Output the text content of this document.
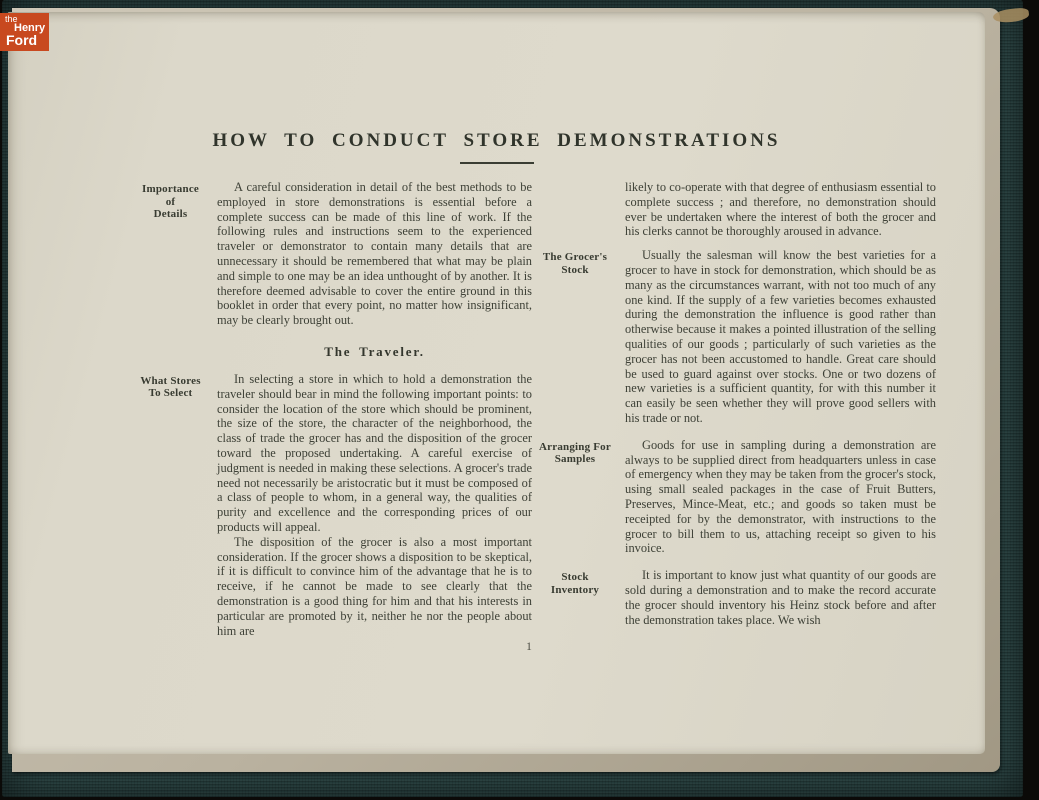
HOW TO CONDUCT STORE DEMONSTRATIONS
Importance
of
Details
A careful consideration in detail of the best methods to be employed in store demonstrations is essential before a complete success can be made of this line of work. If the following rules and instructions seem to the experienced traveler or demonstrator to contain many details that are unnecessary it should be remembered that what may be plain and simple to one may be an idea unthought of by another. It is therefore deemed advisable to cover the entire ground in this booklet in order that every point, no matter how insignificant, may be clearly brought out.
The Traveler.
What Stores
To Select
In selecting a store in which to hold a demonstration the traveler should bear in mind the following important points: to consider the location of the store which should be prominent, the size of the store, the character of the neighborhood, the class of trade the grocer has and the disposition of the grocer toward the proposed undertaking. A careful exercise of judgment is needed in making these selections. A grocer's trade need not necessarily be aristocratic but it must be composed of a class of people to whom, in a general way, the qualities of purity and excellence and the corresponding prices of our products will appeal.
The disposition of the grocer is also a most important consideration. If the grocer shows a disposition to be skeptical, if it is difficult to convince him of the advantage that he is to receive, if he cannot be made to see clearly that the demonstration is a good thing for him and that his interests in particular are promoted by it, neither he nor the people about him are
likely to co-operate with that degree of enthusiasm essential to complete success ; and therefore, no demonstration should ever be undertaken where the interest of both the grocer and his clerks cannot be thoroughly aroused in advance.
The Grocer's
Stock
Usually the salesman will know the best varieties for a grocer to have in stock for demonstration, which should be as many as the circumstances warrant, with not too much of any one kind. If the supply of a few varieties becomes exhausted during the demonstration the influence is good rather than otherwise because it makes a pointed illustration of the selling qualities of our goods ; particularly of such varieties as the grocer has not been accustomed to handle. Great care should be used to guard against over stocks. One or two dozens of new varieties is a sufficient quantity, for with this number it can easily be seen whether they will prove good sellers with his trade or not.
Arranging For
Samples
Goods for use in sampling during a demonstration are always to be supplied direct from headquarters unless in case of emergency when they may be taken from the grocer's stock, using small sealed packages in the case of Fruit Butters, Preserves, Mince-Meat, etc.; and goods so taken must be receipted for by the demonstrator, with instructions to the grocer to bill them to us, attaching receipt so given to his invoice.
Stock
Inventory
It is important to know just what quantity of our goods are sold during a demonstration and to make the record accurate the grocer should inventory his Heinz stock before and after the demonstration takes place. We wish
1
the
Henry
Ford
